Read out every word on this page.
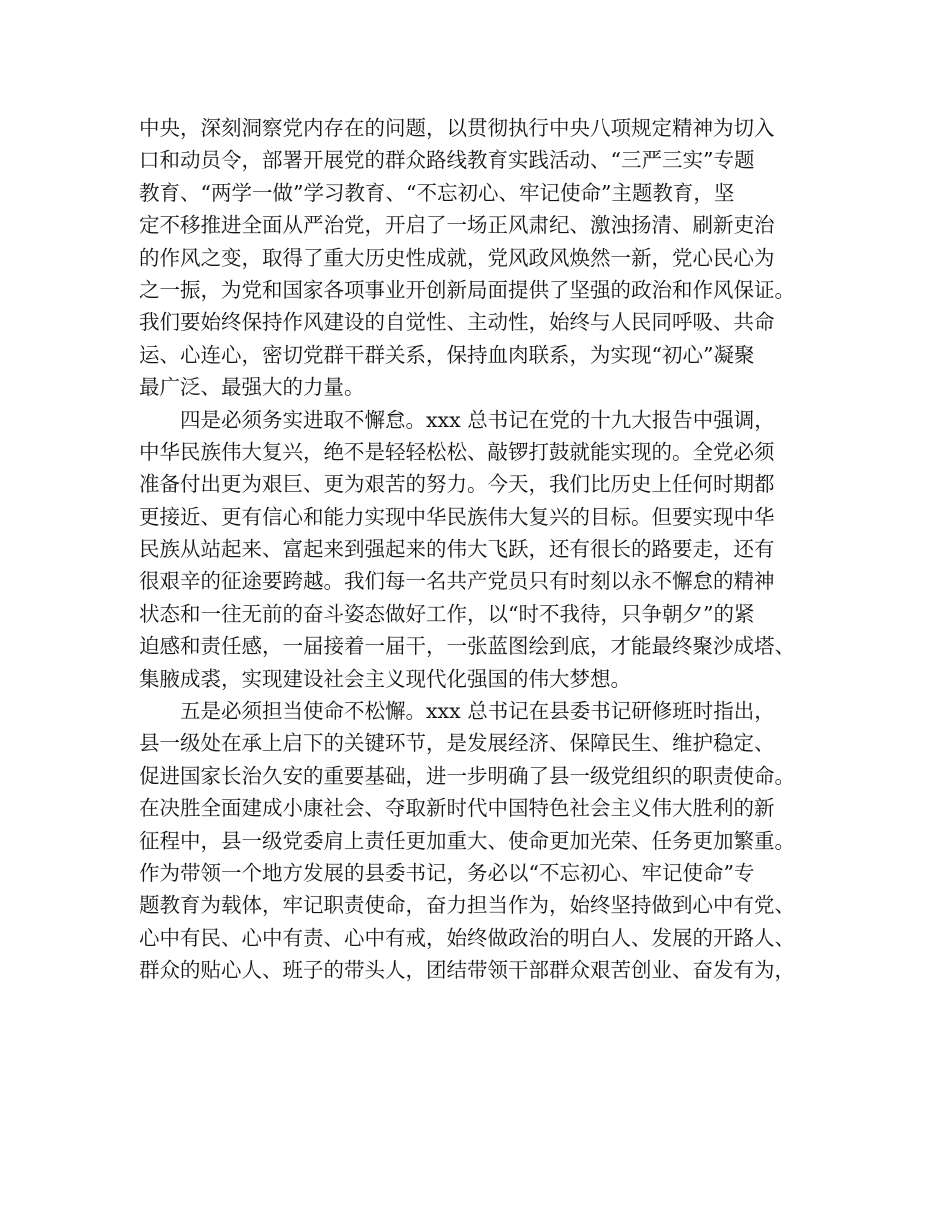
中央，深刻洞察党内存在的问题，以贯彻执行中央八项规定精神为切入
口和动员令，部署开展党的群众路线教育实践活动、“三严三实”专题
教育、“两学一做”学习教育、“不忘初心、牢记使命”主题教育，坚
定不移推进全面从严治党，开启了一场正风肃纪、激浊扬清、刷新吏治
的作风之变，取得了重大历史性成就，党风政风焕然一新，党心民心为
之一振，为党和国家各项事业开创新局面提供了坚强的政治和作风保证。
我们要始终保持作风建设的自觉性、主动性，始终与人民同呼吸、共命
运、心连心，密切党群干群关系，保持血肉联系，为实现“初心”凝聚
最广泛、最强大的力量。
四是必须务实进取不懈怠。xxx 总书记在党的十九大报告中强调，
中华民族伟大复兴，绝不是轻轻松松、敲锣打鼓就能实现的。全党必须
准备付出更为艰巨、更为艰苦的努力。今天，我们比历史上任何时期都
更接近、更有信心和能力实现中华民族伟大复兴的目标。但要实现中华
民族从站起来、富起来到强起来的伟大飞跃，还有很长的路要走，还有
很艰辛的征途要跨越。我们每一名共产党员只有时刻以永不懈怠的精神
状态和一往无前的奋斗姿态做好工作，以“时不我待，只争朝夕”的紧
迫感和责任感，一届接着一届干，一张蓝图绘到底，才能最终聚沙成塔、
集腋成裘，实现建设社会主义现代化强国的伟大梦想。
五是必须担当使命不松懈。xxx 总书记在县委书记研修班时指出，
县一级处在承上启下的关键环节，是发展经济、保障民生、维护稳定、
促进国家长治久安的重要基础，进一步明确了县一级党组织的职责使命。
在决胜全面建成小康社会、夺取新时代中国特色社会主义伟大胜利的新
征程中，县一级党委肩上责任更加重大、使命更加光荣、任务更加繁重。
作为带领一个地方发展的县委书记，务必以“不忘初心、牢记使命”专
题教育为载体，牢记职责使命，奋力担当作为，始终坚持做到心中有党、
心中有民、心中有责、心中有戒，始终做政治的明白人、发展的开路人、
群众的贴心人、班子的带头人，团结带领干部群众艰苦创业、奋发有为，
